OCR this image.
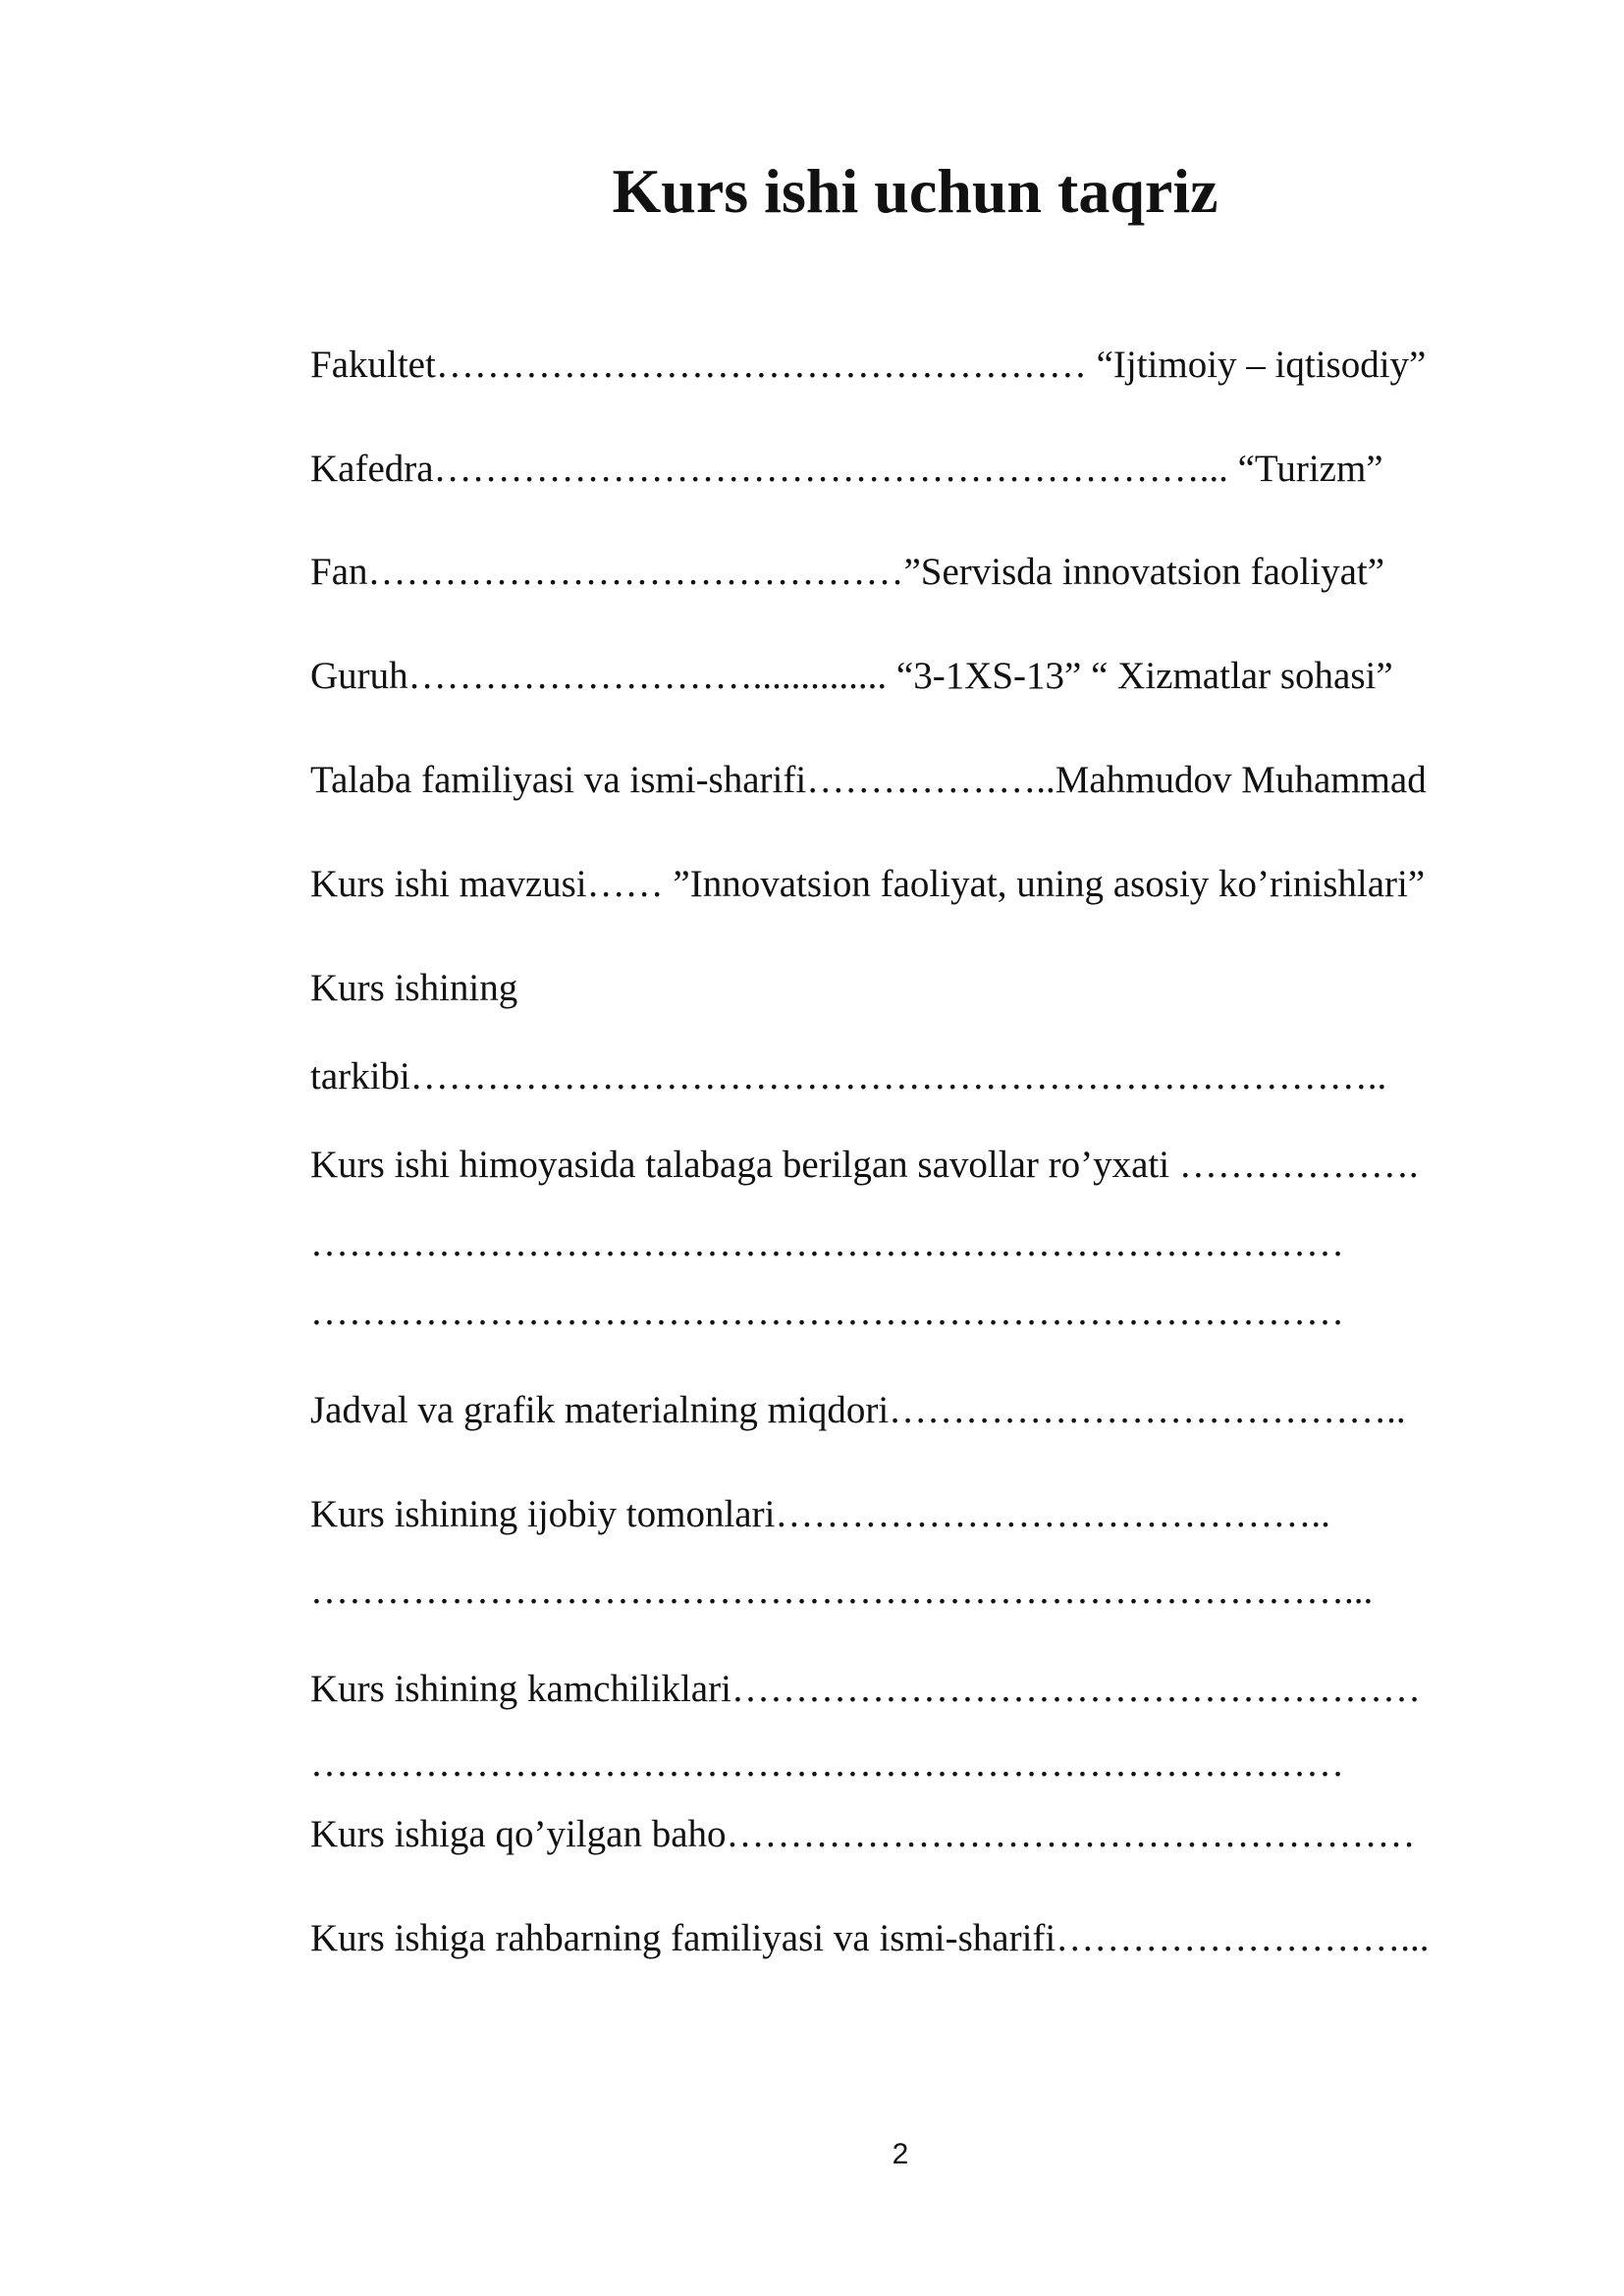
Kurs ishi uchun taqriz
Fakultet…………………………………………… “Ijtimoiy – iqtisodiy”
Kafedra……………………………………………………... “Turizm”
Fan……………………………………”Servisda innovatsion faoliyat”
Guruh……………………….............. “3-1XS-13” “ Xizmatlar sohasi”
Talaba familiyasi va ismi-sharifi………………..Mahmudov Muhammad
Kurs ishi mavzusi…… ”Innovatsion faoliyat, uning asosiy ko’rinishlari”
Kurs ishining
tarkibi…………………………………………………………………..
Kurs ishi himoyasida talabaga berilgan savollar ro’yxati ……………….
………………………………………………………………………
………………………………………………………………………
Jadval va grafik materialning miqdori…………………………………..
Kurs ishining ijobiy tomonlari……………………………………..
………………………………………………………………………...
Kurs ishining kamchiliklari………………………………………………
………………………………………………………………………
Kurs ishiga qo’yilgan baho………………………………………………
Kurs ishiga rahbarning familiyasi va ismi-sharifi………………………...
2
